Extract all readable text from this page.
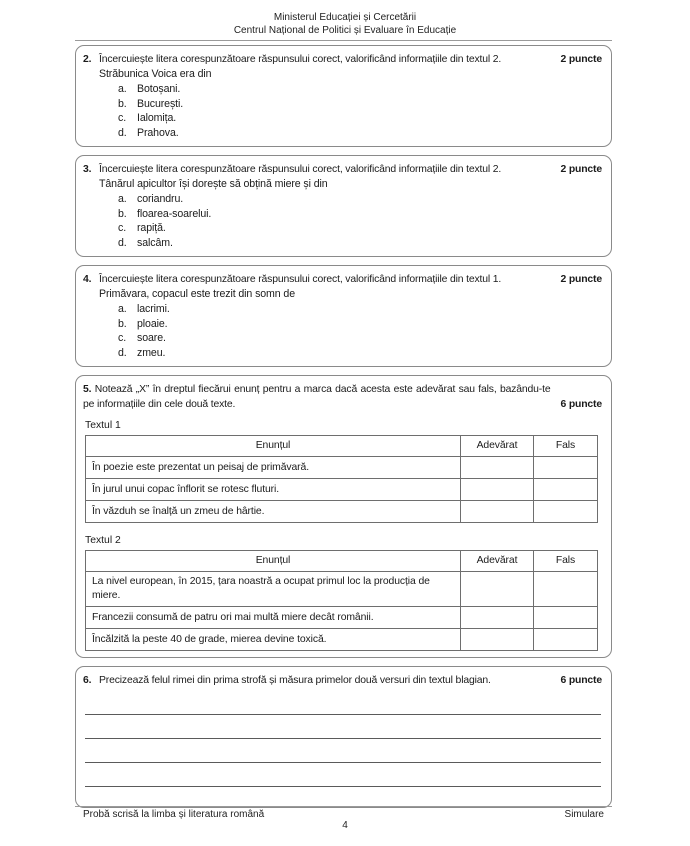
Ministerul Educației și Cercetării
Centrul Național de Politici și Evaluare în Educație
2. Încercuiește litera corespunzătoare răspunsului corect, valorificând informațiile din textul 2.	2 puncte
Străbunica Voica era din
a. Botoșani.
b. București.
c.	Ialomița.
d. Prahova.
3. Încercuiește litera corespunzătoare răspunsului corect, valorificând informațiile din textul 2.	2 puncte
Tânărul apicultor își dorește să obțină miere și din
a. coriandru.
b. floarea-soarelui.
c.	rapiță.
d. salcâm.
4. Încercuiește litera corespunzătoare răspunsului corect, valorificând informațiile din textul 1.	2 puncte
Primăvara, copacul este trezit din somn de
a. lacrimi.
b. ploaie.
c.	soare.
d. zmeu.
6 puncte
5. Notează „X” în dreptul fiecărui enunț pentru a marca dacă acesta este adevărat sau fals, bazându-te pe informațiile din cele două texte.
Textul 1
Enunțul	Adevărat	Fals
În poezie este prezentat un peisaj de primăvară.		
În jurul unui copac înflorit se rotesc fluturi.		
În văzduh se înalță un zmeu de hârtie.		
Textul 2
Enunțul	Adevărat	Fals
La nivel european, în 2015, țara noastră a ocupat primul loc la producția de miere.		
Francezii consumă de patru ori mai multă miere decât românii.		
Încălzită la peste 40 de grade, mierea devine toxică.		
6. Precizează felul rimei din prima strofă și măsura primelor două versuri din textul blagian.	6 puncte
Probă scrisă la limba și literatura română	Simulare
4
